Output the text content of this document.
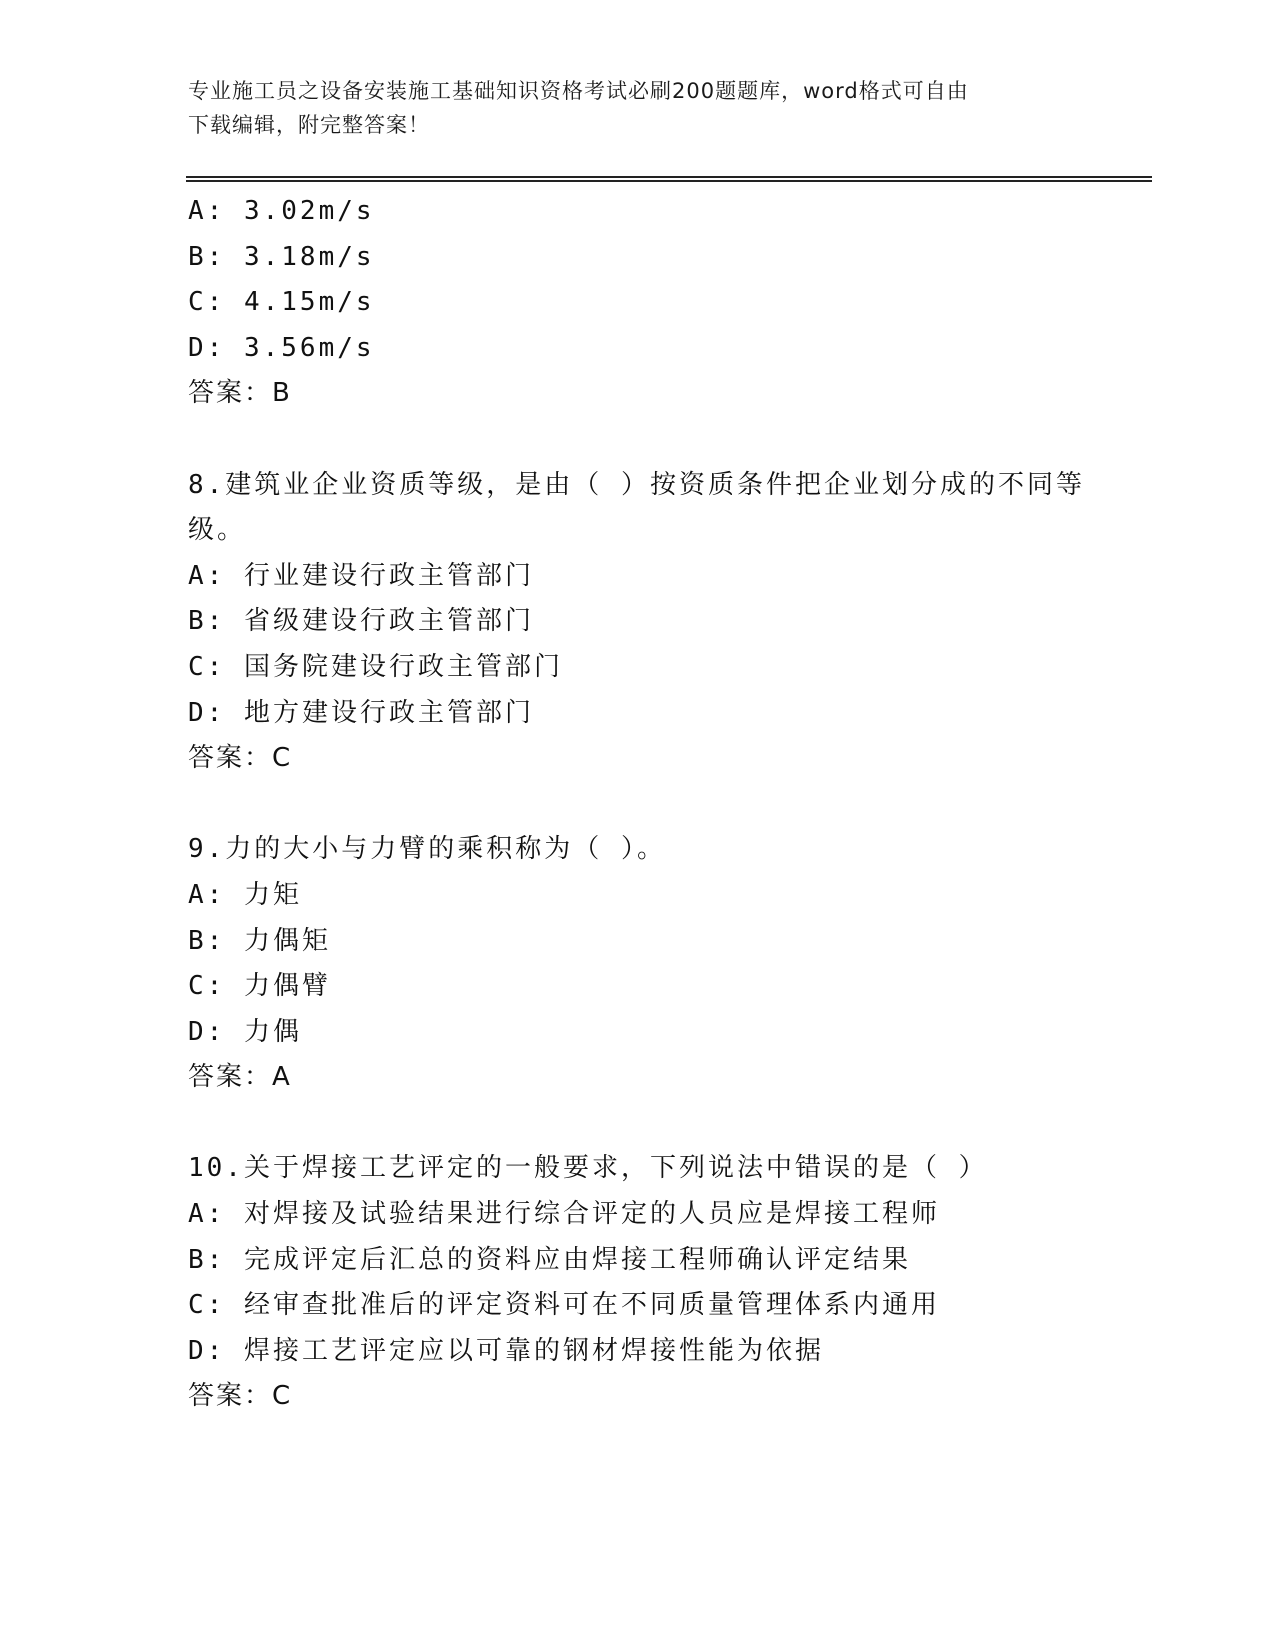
专业施工员之设备安装施工基础知识资格考试必刷200题题库，word格式可自由
下载编辑，附完整答案！
A: 3.02m/s
B: 3.18m/s
C: 4.15m/s
D: 3.56m/s
答案：B
8.建筑业企业资质等级，是由（ ）按资质条件把企业划分成的不同等
级。
A: 行业建设行政主管部门
B: 省级建设行政主管部门
C: 国务院建设行政主管部门
D: 地方建设行政主管部门
答案：C
9.力的大小与力臂的乘积称为（ ）。
A: 力矩
B: 力偶矩
C: 力偶臂
D: 力偶
答案：A
10.关于焊接工艺评定的一般要求，下列说法中错误的是（ ）
A: 对焊接及试验结果进行综合评定的人员应是焊接工程师
B: 完成评定后汇总的资料应由焊接工程师确认评定结果
C: 经审查批准后的评定资料可在不同质量管理体系内通用
D: 焊接工艺评定应以可靠的钢材焊接性能为依据
答案：C
